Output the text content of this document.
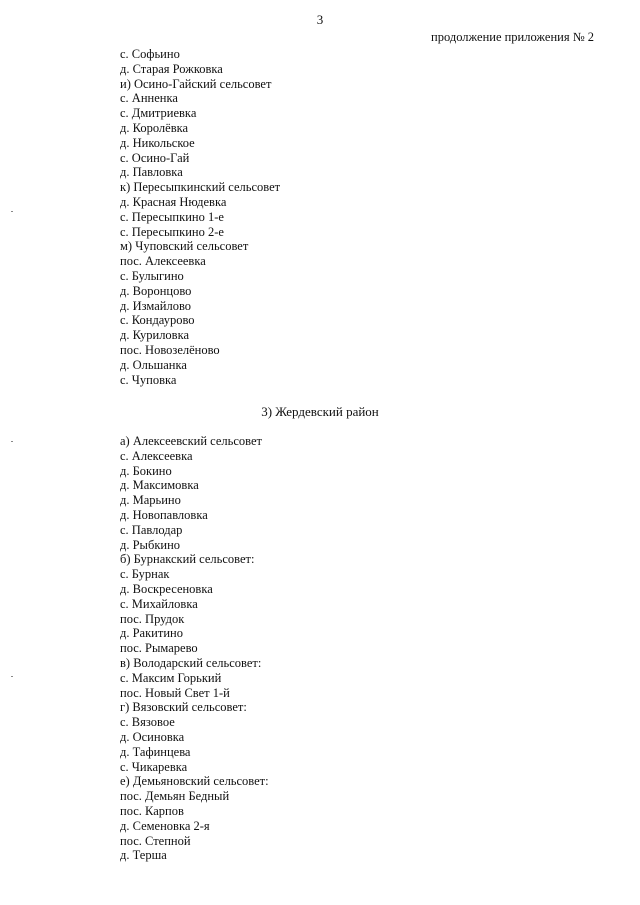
3
продолжение приложения № 2
с. Софьино
д. Старая Рожковка
и) Осино-Гайский сельсовет
с. Анненка
с. Дмитриевка
д. Королёвка
д. Никольское
с. Осино-Гай
д. Павловка
к) Пересыпкинский сельсовет
д. Красная Нюдевка
с. Пересыпкино 1-е
с. Пересыпкино 2-е
м) Чуповский сельсовет
пос. Алексеевка
с. Булыгино
д. Воронцово
д. Измайлово
с. Кондаурово
д. Куриловка
пос. Новозелёново
д. Ольшанка
с. Чуповка
3) Жердевский район
а) Алексеевский сельсовет
с. Алексеевка
д. Бокино
д. Максимовка
д. Марьино
д. Новопавловка
с. Павлодар
д. Рыбкино
б) Бурнакский сельсовет:
с. Бурнак
д. Воскресеновка
с. Михайловка
пос. Прудок
д. Ракитино
пос. Рымарево
в) Володарский сельсовет:
с. Максим Горький
пос. Новый Свет 1-й
г) Вязовский сельсовет:
с. Вязовое
д. Осиновка
д. Тафинцева
с. Чикаревка
е) Демьяновский сельсовет:
пос. Демьян Бедный
пос. Карпов
д. Семеновка 2-я
пос. Степной
д. Терша
